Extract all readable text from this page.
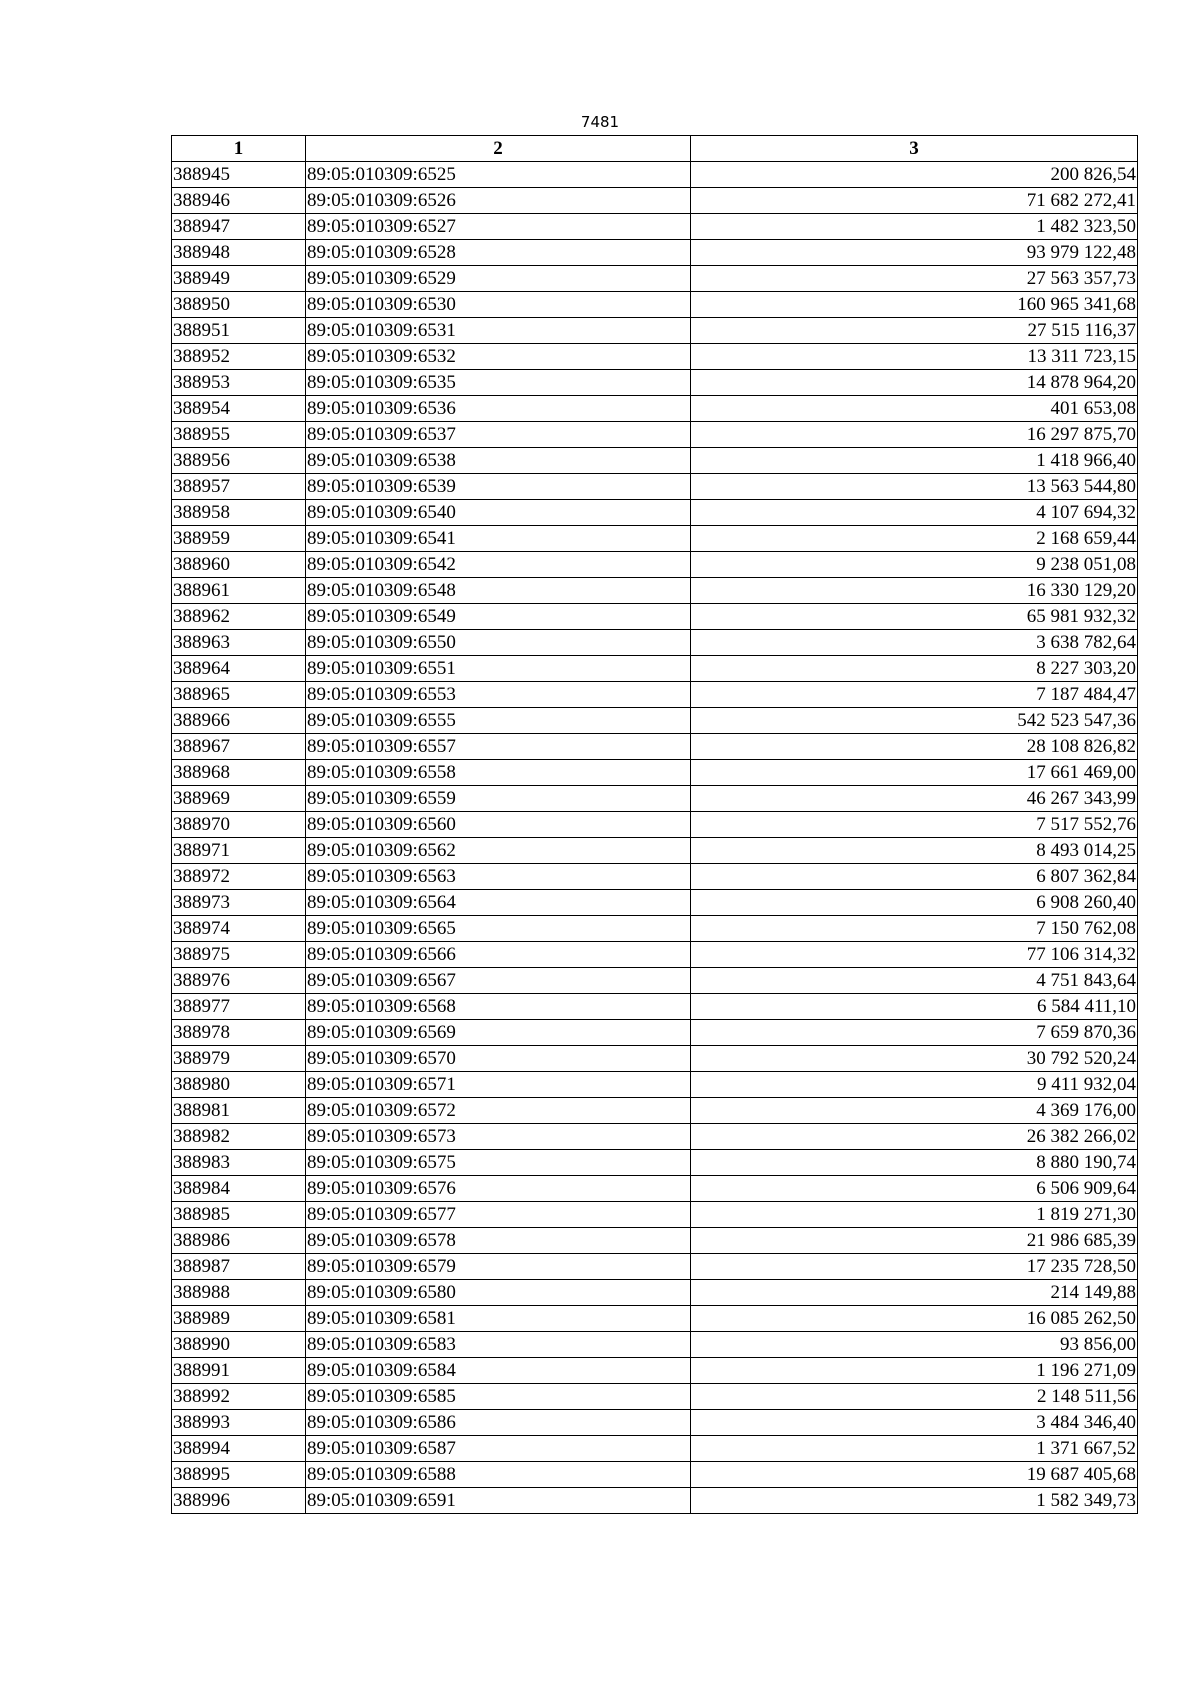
7481
1	2	3
388945	89:05:010309:6525	200 826,54
388946	89:05:010309:6526	71 682 272,41
388947	89:05:010309:6527	1 482 323,50
388948	89:05:010309:6528	93 979 122,48
388949	89:05:010309:6529	27 563 357,73
388950	89:05:010309:6530	160 965 341,68
388951	89:05:010309:6531	27 515 116,37
388952	89:05:010309:6532	13 311 723,15
388953	89:05:010309:6535	14 878 964,20
388954	89:05:010309:6536	401 653,08
388955	89:05:010309:6537	16 297 875,70
388956	89:05:010309:6538	1 418 966,40
388957	89:05:010309:6539	13 563 544,80
388958	89:05:010309:6540	4 107 694,32
388959	89:05:010309:6541	2 168 659,44
388960	89:05:010309:6542	9 238 051,08
388961	89:05:010309:6548	16 330 129,20
388962	89:05:010309:6549	65 981 932,32
388963	89:05:010309:6550	3 638 782,64
388964	89:05:010309:6551	8 227 303,20
388965	89:05:010309:6553	7 187 484,47
388966	89:05:010309:6555	542 523 547,36
388967	89:05:010309:6557	28 108 826,82
388968	89:05:010309:6558	17 661 469,00
388969	89:05:010309:6559	46 267 343,99
388970	89:05:010309:6560	7 517 552,76
388971	89:05:010309:6562	8 493 014,25
388972	89:05:010309:6563	6 807 362,84
388973	89:05:010309:6564	6 908 260,40
388974	89:05:010309:6565	7 150 762,08
388975	89:05:010309:6566	77 106 314,32
388976	89:05:010309:6567	4 751 843,64
388977	89:05:010309:6568	6 584 411,10
388978	89:05:010309:6569	7 659 870,36
388979	89:05:010309:6570	30 792 520,24
388980	89:05:010309:6571	9 411 932,04
388981	89:05:010309:6572	4 369 176,00
388982	89:05:010309:6573	26 382 266,02
388983	89:05:010309:6575	8 880 190,74
388984	89:05:010309:6576	6 506 909,64
388985	89:05:010309:6577	1 819 271,30
388986	89:05:010309:6578	21 986 685,39
388987	89:05:010309:6579	17 235 728,50
388988	89:05:010309:6580	214 149,88
388989	89:05:010309:6581	16 085 262,50
388990	89:05:010309:6583	93 856,00
388991	89:05:010309:6584	1 196 271,09
388992	89:05:010309:6585	2 148 511,56
388993	89:05:010309:6586	3 484 346,40
388994	89:05:010309:6587	1 371 667,52
388995	89:05:010309:6588	19 687 405,68
388996	89:05:010309:6591	1 582 349,73
